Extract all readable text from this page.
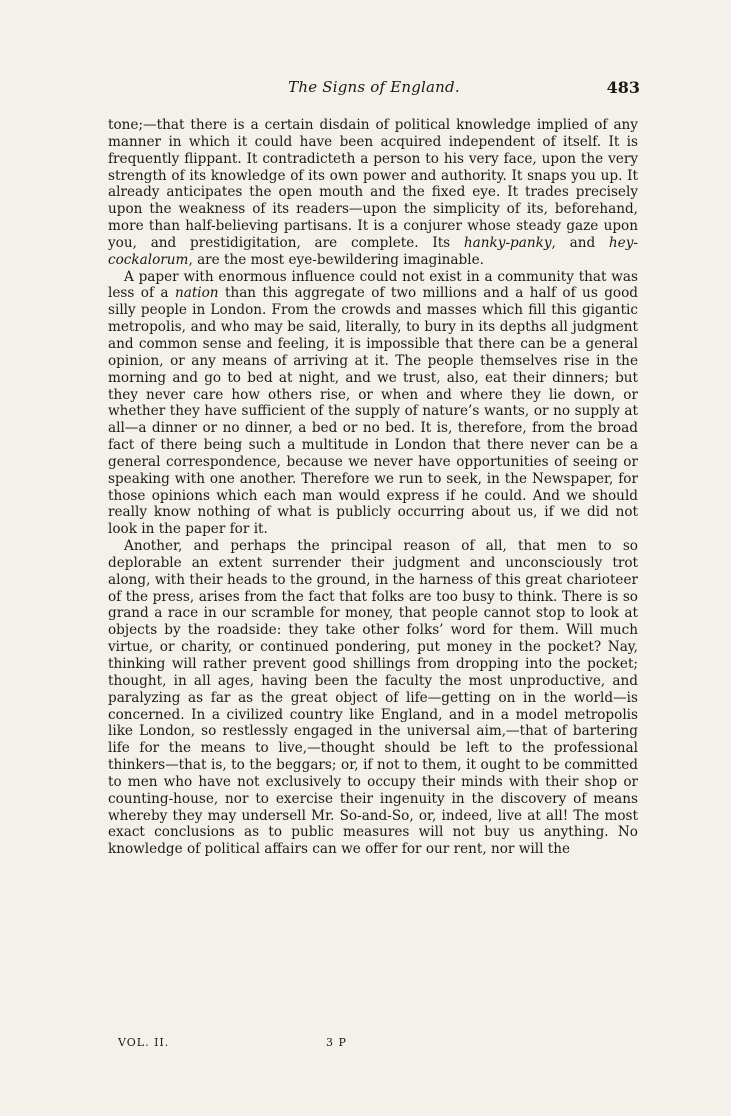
The Signs of England.	483

tone;—that there is a certain disdain of political knowledge implied of any manner in which it could have been acquired independent of itself. It is frequently flippant. It contradicteth a person to his very face, upon the very strength of its knowledge of its own power and authority. It snaps you up. It already anticipates the open mouth and the fixed eye. It trades precisely upon the weakness of its readers—upon the simplicity of its, beforehand, more than half-believing partisans. It is a conjurer whose steady gaze upon you, and prestidigitation, are complete. Its hanky-panky, and hey-cockalorum, are the most eye-bewildering imaginable.

A paper with enormous influence could not exist in a community that was less of a nation than this aggregate of two millions and a half of us good silly people in London. From the crowds and masses which fill this gigantic metropolis, and who may be said, literally, to bury in its depths all judgment and common sense and feeling, it is impossible that there can be a general opinion, or any means of arriving at it. The people themselves rise in the morning and go to bed at night, and we trust, also, eat their dinners; but they never care how others rise, or when and where they lie down, or whether they have sufficient of the supply of nature’s wants, or no supply at all—a dinner or no dinner, a bed or no bed. It is, therefore, from the broad fact of there being such a multitude in London that there never can be a general correspondence, because we never have opportunities of seeing or speaking with one another. Therefore we run to seek, in the Newspaper, for those opinions which each man would express if he could. And we should really know nothing of what is publicly occurring about us, if we did not look in the paper for it.

Another, and perhaps the principal reason of all, that men to so deplorable an extent surrender their judgment and unconsciously trot along, with their heads to the ground, in the harness of this great charioteer of the press, arises from the fact that folks are too busy to think. There is so grand a race in our scramble for money, that people cannot stop to look at objects by the roadside: they take other folks’ word for them. Will much virtue, or charity, or continued pondering, put money in the pocket? Nay, thinking will rather prevent good shillings from dropping into the pocket; thought, in all ages, having been the faculty the most unproductive, and paralyzing as far as the great object of life—getting on in the world—is concerned. In a civilized country like England, and in a model metropolis like London, so restlessly engaged in the universal aim,—that of bartering life for the means to live,—thought should be left to the professional thinkers—that is, to the beggars; or, if not to them, it ought to be committed to men who have not exclusively to occupy their minds with their shop or counting-house, nor to exercise their ingenuity in the discovery of means whereby they may undersell Mr. So-and-So, or, indeed, live at all! The most exact conclusions as to public measures will not buy us anything. No knowledge of political affairs can we offer for our rent, nor will the

VOL. II.	3 P
